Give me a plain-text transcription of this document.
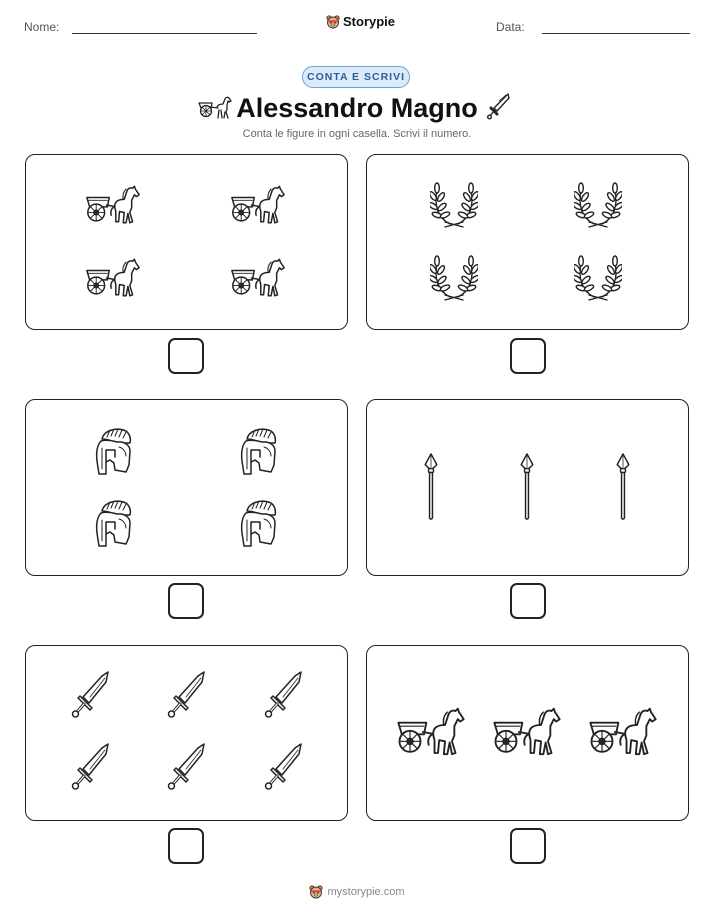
Nome:	Storypie	Data:
CONTA E SCRIVI
Alessandro Magno
Conta le figure in ogni casella. Scrivi il numero.
mystorypie.com
